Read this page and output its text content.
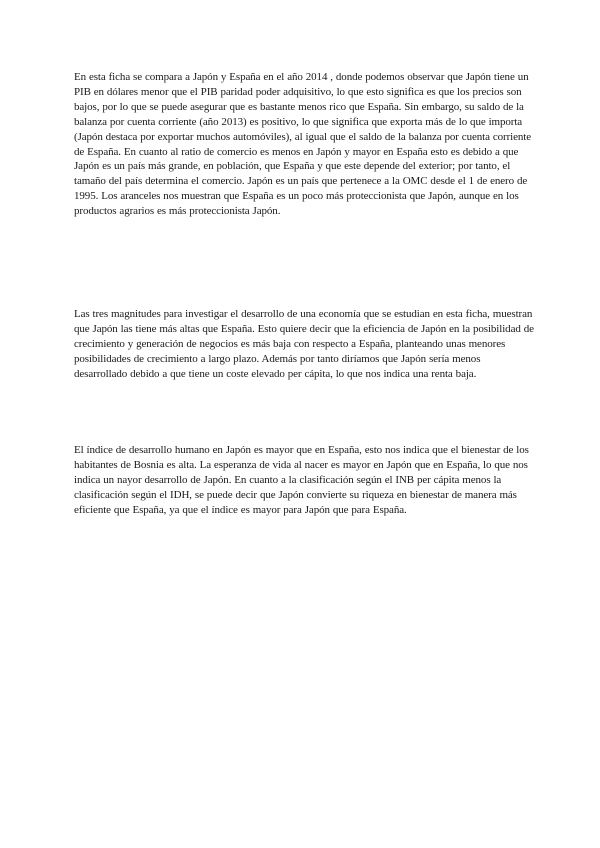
En esta ficha se compara a Japón y España en el año 2014 , donde podemos observar que Japón tiene un PIB en dólares menor que el PIB paridad poder adquisitivo, lo que esto significa es que los precios son bajos, por lo que se puede asegurar que es bastante menos rico que España. Sin embargo, su saldo de la balanza por cuenta corriente (año 2013) es positivo, lo que significa que exporta más de lo que importa (Japón destaca por exportar muchos automóviles), al igual que el saldo de la balanza por cuenta corriente de España. En cuanto al ratio de comercio es menos en Japón y mayor en España esto es debido a que Japón es un país más grande, en población, que España y que este depende del exterior; por tanto, el tamaño del país determina el comercio. Japón es un país que pertenece a la OMC desde el 1 de enero de 1995. Los aranceles nos muestran que España es un poco más proteccionista que Japón, aunque en los productos agrarios es más proteccionista Japón.

Las tres magnitudes para investigar el desarrollo de una economía que se estudian en esta ficha, muestran que Japón las tiene más altas que España. Esto quiere decir que la eficiencia de Japón en la posibilidad de crecimiento y generación de negocios es más baja con respecto a España, planteando unas menores posibilidades de crecimiento a largo plazo. Además por tanto diríamos que Japón sería menos desarrollado debido a que tiene un coste elevado per cápita, lo que nos indica una renta baja.

El índice de desarrollo humano en Japón es mayor que en España, esto nos indica que el bienestar de los habitantes de Bosnia es alta. La esperanza de vida al nacer es mayor en Japón que en España, lo que nos indica un nayor desarrollo de Japón. En cuanto a la clasificación según el INB per cápita menos la clasificación según el IDH, se puede decir que Japón convierte su riqueza en bienestar de manera más eficiente que España, ya que el índice es mayor para Japón que para España.
